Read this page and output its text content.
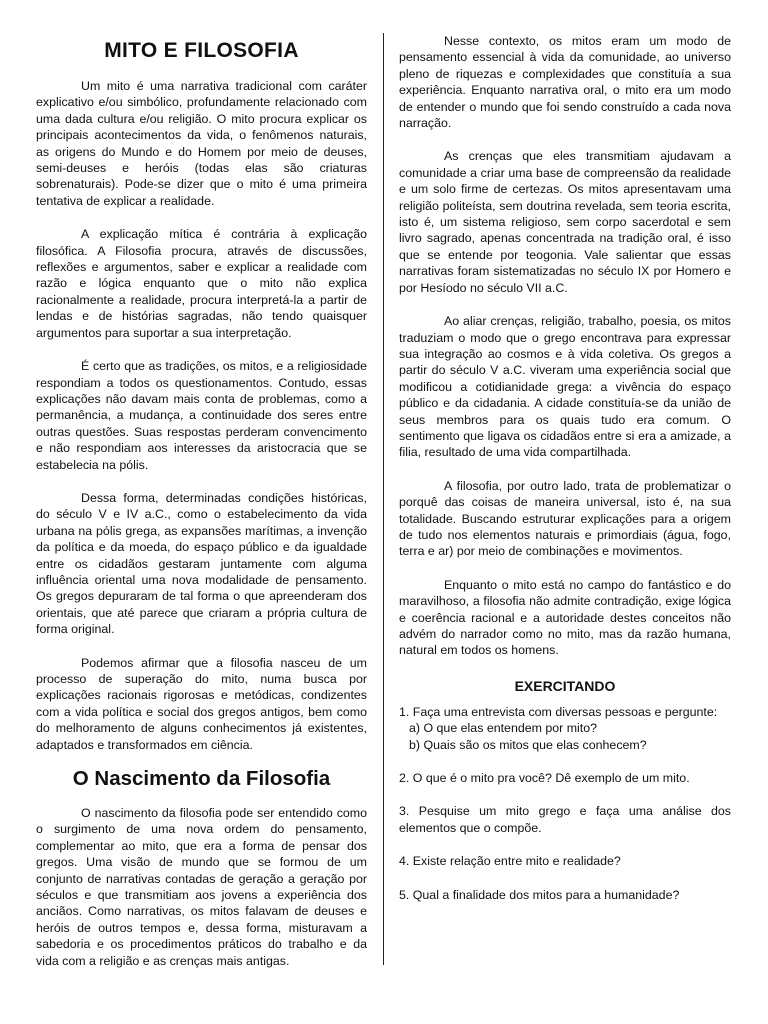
MITO E FILOSOFIA

Um mito é uma narrativa tradicional com caráter explicativo e/ou simbólico, profundamente relacionado com uma dada cultura e/ou religião. O mito procura explicar os principais acontecimentos da vida, o fenômenos naturais, as origens do Mundo e do Homem por meio de deuses, semi-deuses e heróis (todas elas são criaturas sobrenaturais). Pode-se dizer que o mito é uma primeira tentativa de explicar a realidade.

A explicação mítica é contrária à explicação filosófica. A Filosofia procura, através de discussões, reflexões e argumentos, saber e explicar a realidade com razão e lógica enquanto que o mito não explica racionalmente a realidade, procura interpretá-la a partir de lendas e de histórias sagradas, não tendo quaisquer argumentos para suportar a sua interpretação.

É certo que as tradições, os mitos, e a religiosidade respondiam a todos os questionamentos. Contudo, essas explicações não davam mais conta de problemas, como a permanência, a mudança, a continuidade dos seres entre outras questões. Suas respostas perderam convencimento e não respondiam aos interesses da aristocracia que se estabelecia na pólis.

Dessa forma, determinadas condições históricas, do século V e IV a.C., como o estabelecimento da vida urbana na pólis grega, as expansões marítimas, a invenção da política e da moeda, do espaço público e da igualdade entre os cidadãos gestaram juntamente com alguma influência oriental uma nova modalidade de pensamento. Os gregos depuraram de tal forma o que apreenderam dos orientais, que até parece que criaram a própria cultura de forma original.

Podemos afirmar que a filosofia nasceu de um processo de superação do mito, numa busca por explicações racionais rigorosas e metódicas, condizentes com a vida política e social dos gregos antigos, bem como do melhoramento de alguns conhecimentos já existentes, adaptados e transformados em ciência.

O Nascimento da Filosofia

O nascimento da filosofia pode ser entendido como o surgimento de uma nova ordem do pensamento, complementar ao mito, que era a forma de pensar dos gregos. Uma visão de mundo que se formou de um conjunto de narrativas contadas de geração a geração por séculos e que transmitiam aos jovens a experiência dos anciãos. Como narrativas, os mitos falavam de deuses e heróis de outros tempos e, dessa forma, misturavam a sabedoria e os procedimentos práticos do trabalho e da vida com a religião e as crenças mais antigas.

Nesse contexto, os mitos eram um modo de pensamento essencial à vida da comunidade, ao universo pleno de riquezas e complexidades que constituía a sua experiência. Enquanto narrativa oral, o mito era um modo de entender o mundo que foi sendo construído a cada nova narração.

As crenças que eles transmitiam ajudavam a comunidade a criar uma base de compreensão da realidade e um solo firme de certezas. Os mitos apresentavam uma religião politeísta, sem doutrina revelada, sem teoria escrita, isto é, um sistema religioso, sem corpo sacerdotal e sem livro sagrado, apenas concentrada na tradição oral, é isso que se entende por teogonia. Vale salientar que essas narrativas foram sistematizadas no século IX por Homero e por Hesíodo no século VII a.C.

Ao aliar crenças, religião, trabalho, poesia, os mitos traduziam o modo que o grego encontrava para expressar sua integração ao cosmos e à vida coletiva. Os gregos a partir do século V a.C. viveram uma experiência social que modificou a cotidianidade grega: a vivência do espaço público e da cidadania. A cidade constituía-se da união de seus membros para os quais tudo era comum. O sentimento que ligava os cidadãos entre si era a amizade, a filia, resultado de uma vida compartilhada.

A filosofia, por outro lado, trata de problematizar o porquê das coisas de maneira universal, isto é, na sua totalidade. Buscando estruturar explicações para a origem de tudo nos elementos naturais e primordiais (água, fogo, terra e ar) por meio de combinações e movimentos.

Enquanto o mito está no campo do fantástico e do maravilhoso, a filosofia não admite contradição, exige lógica e coerência racional e a autoridade destes conceitos não advém do narrador como no mito, mas da razão humana, natural em todos os homens.

EXERCITANDO
1. Faça uma entrevista com diversas pessoas e pergunte:
a) O que elas entendem por mito?
b) Quais são os mitos que elas conhecem?
2. O que é o mito pra você? Dê exemplo de um mito.
3. Pesquise um mito grego e faça uma análise dos elementos que o compõe.
4. Existe relação entre mito e realidade?
5. Qual a finalidade dos mitos para a humanidade?
